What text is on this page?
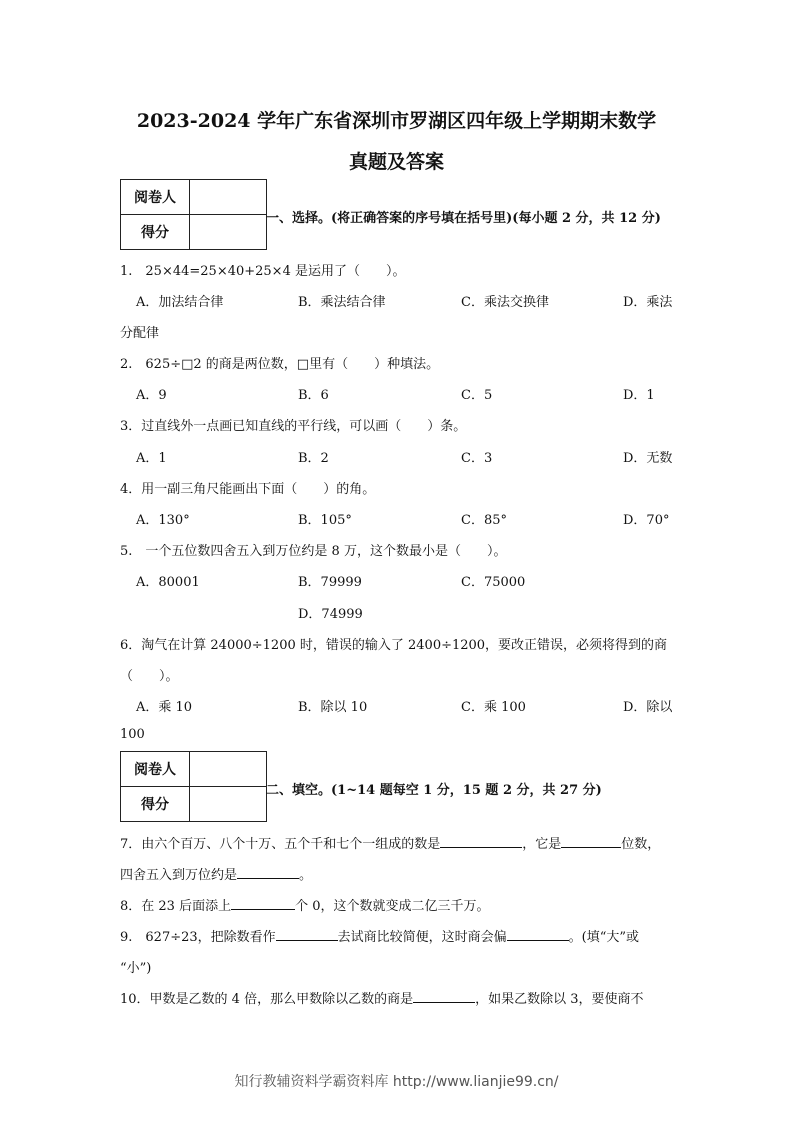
2023-2024 学年广东省深圳市罗湖区四年级上学期期末数学
真题及答案
阅卷人	
得分	
一、选择。(将正确答案的序号填在括号里)(每小题 2 分，共 12 分)
1.　25×44=25×40+25×4 是运用了（　　）。
A．加法结合律	B．乘法结合律	C．乘法交换律	D．乘法
分配律
2.　625÷□2 的商是两位数，□里有（　　）种填法。
A．9	B．6	C．5	D．1
3．过直线外一点画已知直线的平行线，可以画（　　）条。
A．1	B．2	C．3	D．无数
4．用一副三角尺能画出下面（　　）的角。
A．130°	B．105°	C．85°	D．70°
5.　一个五位数四舍五入到万位约是 8 万，这个数最小是（　　）。
A．80001	B．79999	C．75000
D．74999
6．淘气在计算 24000÷1200 时，错误的输入了 2400÷1200，要改正错误，必须将得到的商
（　　）。
A．乘 10	B．除以 10	C．乘 100	D．除以
100
阅卷人	
得分	
二、填空。(1~14 题每空 1 分，15 题 2 分，共 27 分)
7．由六个百万、八个十万、五个千和七个一组成的数是	，它是	位数，
四舍五入到万位约是	。
8．在 23 后面添上	个 0，这个数就变成二亿三千万。
9.　627÷23，把除数看作	去试商比较简便，这时商会偏	。(填“大”或
“小”)
10．甲数是乙数的 4 倍，那么甲数除以乙数的商是	，如果乙数除以 3，要使商不
知行教辅资料学霸资料库 http://www.lianjie99.cn/
